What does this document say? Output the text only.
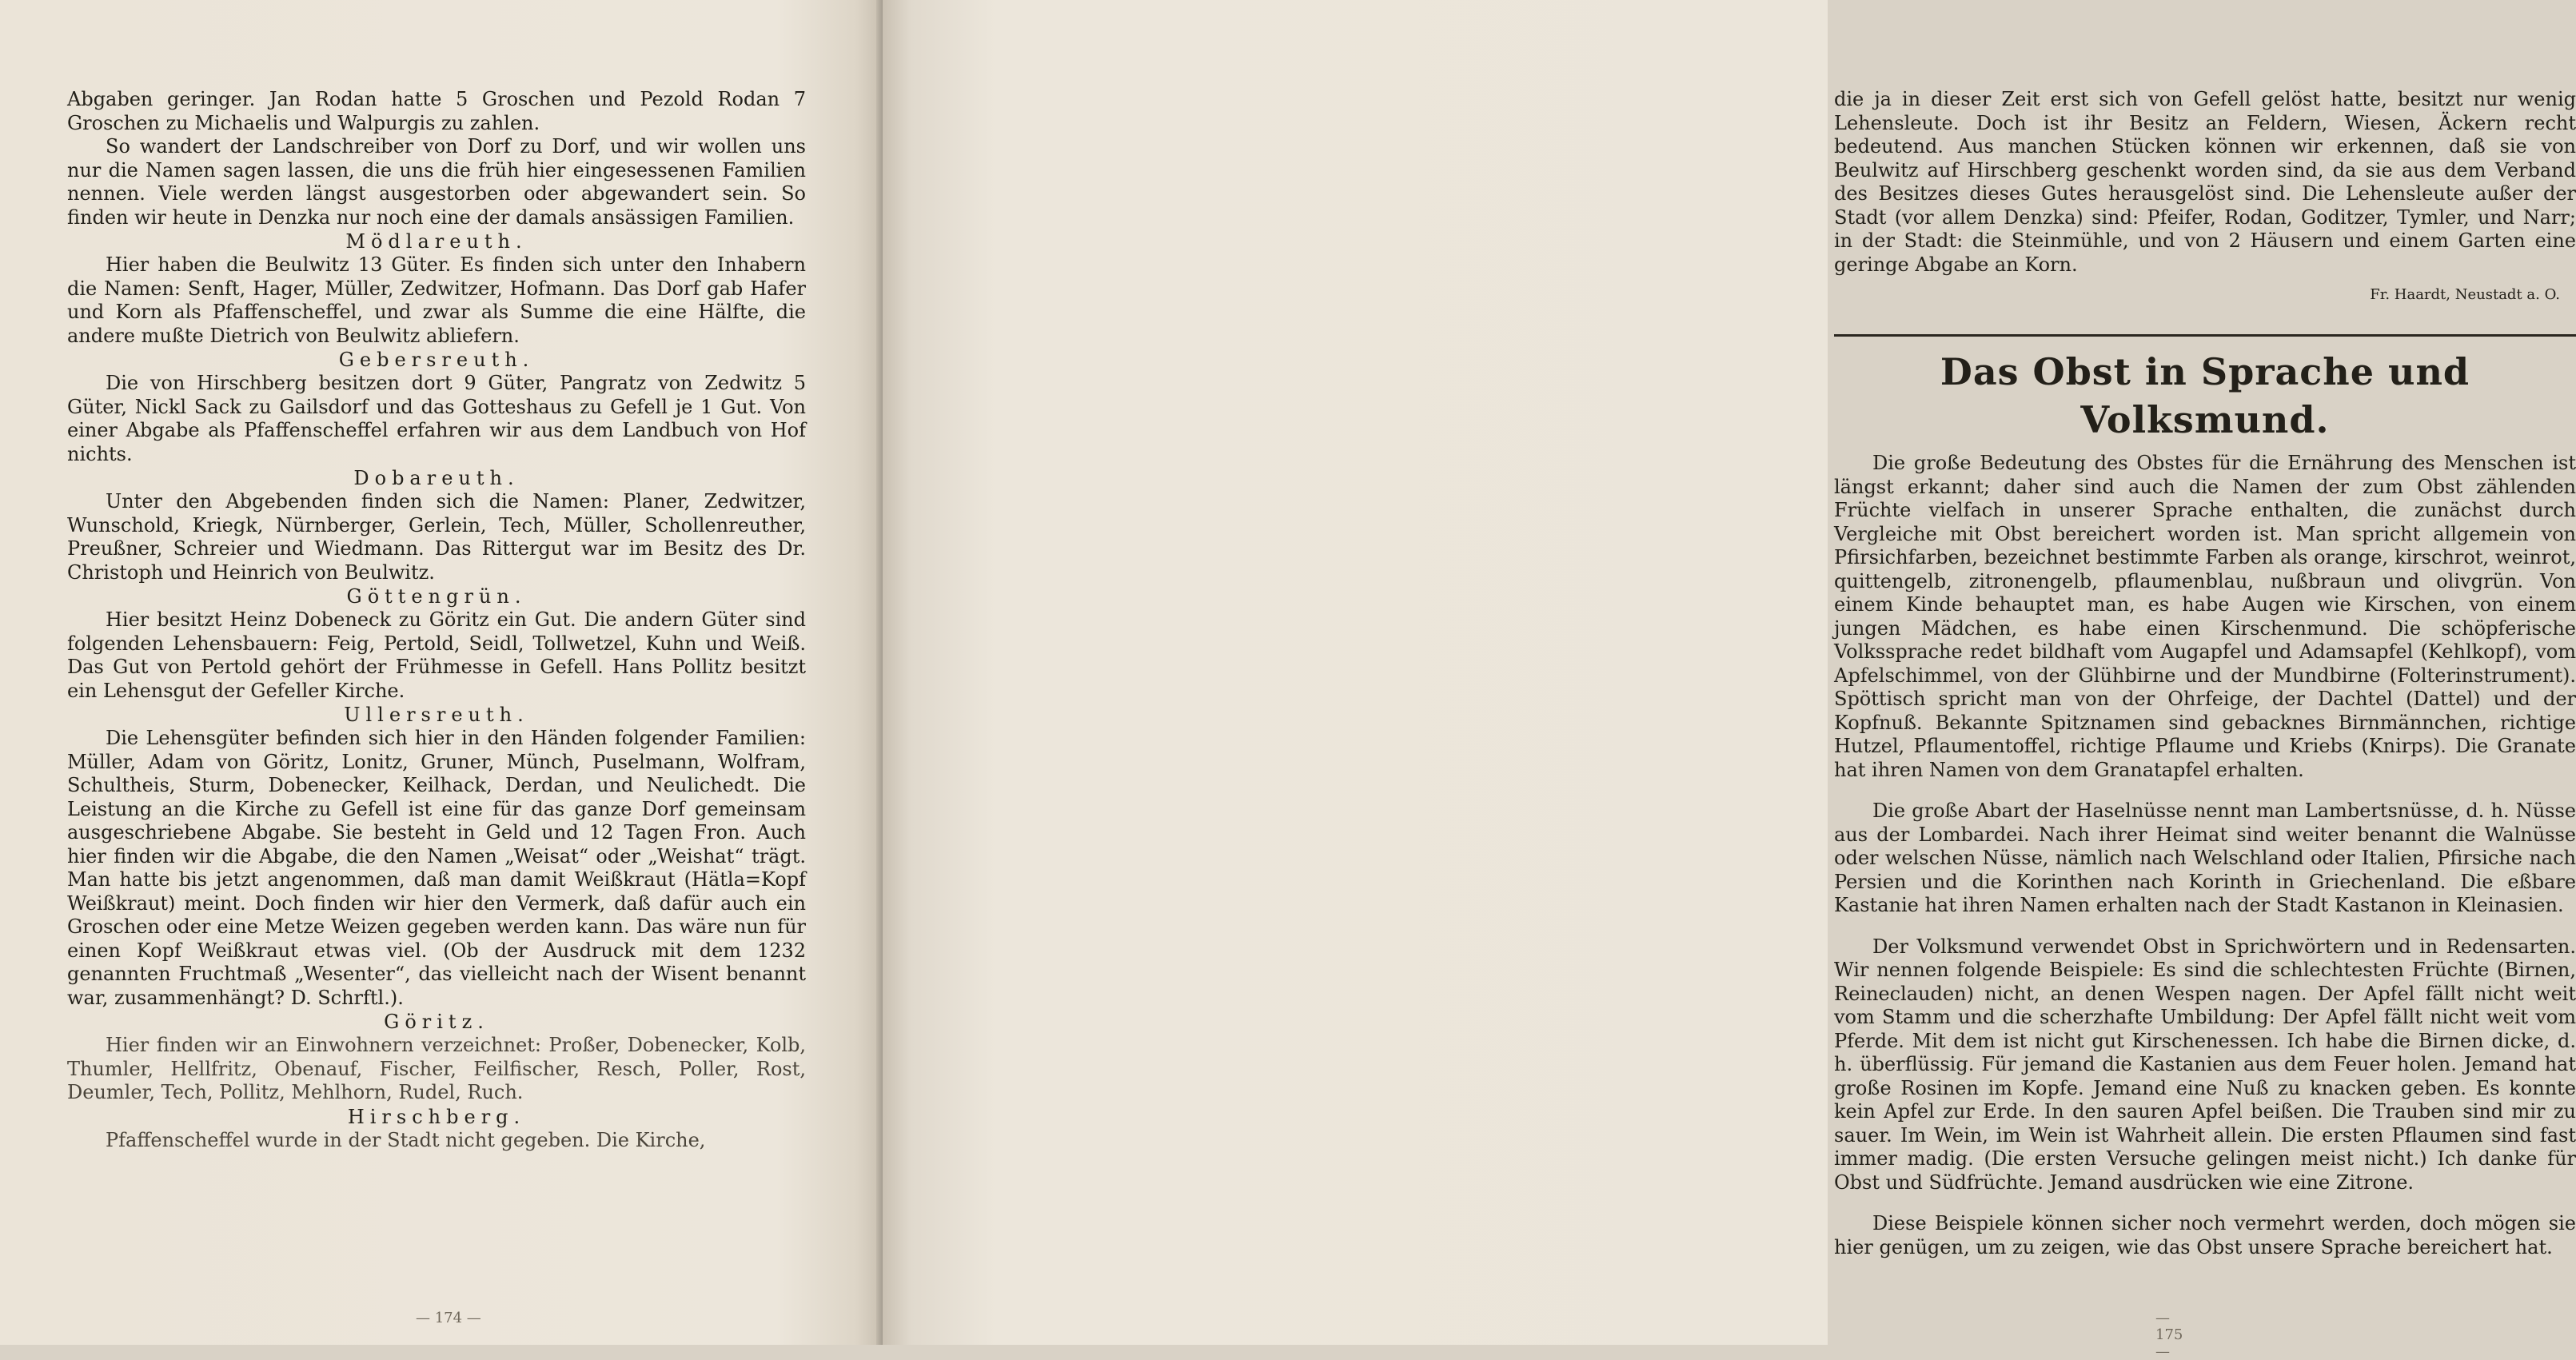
Abgaben geringer. Jan Rodan hatte 5 Groschen und Pezold Rodan 7 Groschen zu Michaelis und Walpurgis zu zahlen.

So wandert der Landschreiber von Dorf zu Dorf, und wir wollen uns nur die Namen sagen lassen, die uns die früh hier eingesessenen Familien nennen. Viele werden längst ausgestorben oder abgewandert sein. So finden wir heute in Denzka nur noch eine der damals ansässigen Familien.

Mödlareuth.

Hier haben die Beulwitz 13 Güter. Es finden sich unter den Inhabern die Namen: Senft, Hager, Müller, Zedwitzer, Hofmann. Das Dorf gab Hafer und Korn als Pfaffenscheffel, und zwar als Summe die eine Hälfte, die andere mußte Dietrich von Beulwitz abliefern.

Gebersreuth.

Die von Hirschberg besitzen dort 9 Güter, Pangratz von Zedwitz 5 Güter, Nickl Sack zu Gailsdorf und das Gotteshaus zu Gefell je 1 Gut. Von einer Abgabe als Pfaffenscheffel erfahren wir aus dem Landbuch von Hof nichts.

Dobareuth.

Unter den Abgebenden finden sich die Namen: Planer, Zedwitzer, Wunschold, Kriegk, Nürnberger, Gerlein, Tech, Müller, Schollenreuther, Preußner, Schreier und Wiedmann. Das Rittergut war im Besitz des Dr. Christoph und Heinrich von Beulwitz.

Göttengrün.

Hier besitzt Heinz Dobeneck zu Göritz ein Gut. Die andern Güter sind folgenden Lehensbauern: Feig, Pertold, Seidl, Tollwetzel, Kuhn und Weiß. Das Gut von Pertold gehört der Frühmesse in Gefell. Hans Pollitz besitzt ein Lehensgut der Gefeller Kirche.

Ullersreuth.

Die Lehensgüter befinden sich hier in den Händen folgender Familien: Müller, Adam von Göritz, Lonitz, Gruner, Münch, Puselmann, Wolfram, Schultheis, Sturm, Dobenecker, Keilhack, Derdan, und Neulichedt. Die Leistung an die Kirche zu Gefell ist eine für das ganze Dorf gemeinsam ausgeschriebene Abgabe. Sie besteht in Geld und 12 Tagen Fron. Auch hier finden wir die Abgabe, die den Namen „Weisat“ oder „Weishat“ trägt. Man hatte bis jetzt angenommen, daß man damit Weißkraut (Hätla=Kopf Weißkraut) meint. Doch finden wir hier den Vermerk, daß dafür auch ein Groschen oder eine Metze Weizen gegeben werden kann. Das wäre nun für einen Kopf Weißkraut etwas viel. (Ob der Ausdruck mit dem 1232 genannten Fruchtmaß „Wesenter“, das vielleicht nach der Wisent benannt war, zusammenhängt? D. Schrftl.).

Göritz.

Hier finden wir an Einwohnern verzeichnet: Proßer, Dobenecker, Kolb, Thumler, Hellfritz, Obenauf, Fischer, Feilfischer, Resch, Poller, Rost, Deumler, Tech, Pollitz, Mehlhorn, Rudel, Ruch.

Hirschberg.

Pfaffenscheffel wurde in der Stadt nicht gegeben. Die Kirche,

— 174 —

die ja in dieser Zeit erst sich von Gefell gelöst hatte, besitzt nur wenig Lehensleute. Doch ist ihr Besitz an Feldern, Wiesen, Äckern recht bedeutend. Aus manchen Stücken können wir erkennen, daß sie von Beulwitz auf Hirschberg geschenkt worden sind, da sie aus dem Verband des Besitzes dieses Gutes herausgelöst sind. Die Lehensleute außer der Stadt (vor allem Denzka) sind: Pfeifer, Rodan, Goditzer, Tymler, und Narr; in der Stadt: die Steinmühle, und von 2 Häusern und einem Garten eine geringe Abgabe an Korn.

Fr. Haardt, Neustadt a. O.
Das Obst in Sprache und Volksmund.

Die große Bedeutung des Obstes für die Ernährung des Menschen ist längst erkannt; daher sind auch die Namen der zum Obst zählenden Früchte vielfach in unserer Sprache enthalten, die zunächst durch Vergleiche mit Obst bereichert worden ist. Man spricht allgemein von Pfirsichfarben, bezeichnet bestimmte Farben als orange, kirschrot, weinrot, quittengelb, zitronengelb, pflaumenblau, nußbraun und olivgrün. Von einem Kinde behauptet man, es habe Augen wie Kirschen, von einem jungen Mädchen, es habe einen Kirschenmund. Die schöpferische Volkssprache redet bildhaft vom Augapfel und Adamsapfel (Kehlkopf), vom Apfelschimmel, von der Glühbirne und der Mundbirne (Folterinstrument). Spöttisch spricht man von der Ohrfeige, der Dachtel (Dattel) und der Kopfnuß. Bekannte Spitznamen sind gebacknes Birnmännchen, richtige Hutzel, Pflaumentoffel, richtige Pflaume und Kriebs (Knirps). Die Granate hat ihren Namen von dem Granatapfel erhalten.

Die große Abart der Haselnüsse nennt man Lambertsnüsse, d. h. Nüsse aus der Lombardei. Nach ihrer Heimat sind weiter benannt die Walnüsse oder welschen Nüsse, nämlich nach Welschland oder Italien, Pfirsiche nach Persien und die Korinthen nach Korinth in Griechenland. Die eßbare Kastanie hat ihren Namen erhalten nach der Stadt Kastanon in Kleinasien.

Der Volksmund verwendet Obst in Sprichwörtern und in Redensarten. Wir nennen folgende Beispiele: Es sind die schlechtesten Früchte (Birnen, Reineclauden) nicht, an denen Wespen nagen. Der Apfel fällt nicht weit vom Stamm und die scherzhafte Umbildung: Der Apfel fällt nicht weit vom Pferde. Mit dem ist nicht gut Kirschenessen. Ich habe die Birnen dicke, d. h. überflüssig. Für jemand die Kastanien aus dem Feuer holen. Jemand hat große Rosinen im Kopfe. Jemand eine Nuß zu knacken geben. Es konnte kein Apfel zur Erde. In den sauren Apfel beißen. Die Trauben sind mir zu sauer. Im Wein, im Wein ist Wahrheit allein. Die ersten Pflaumen sind fast immer madig. (Die ersten Versuche gelingen meist nicht.) Ich danke für Obst und Südfrüchte. Jemand ausdrücken wie eine Zitrone.

Diese Beispiele können sicher noch vermehrt werden, doch mögen sie hier genügen, um zu zeigen, wie das Obst unsere Sprache bereichert hat.

— 175 —
